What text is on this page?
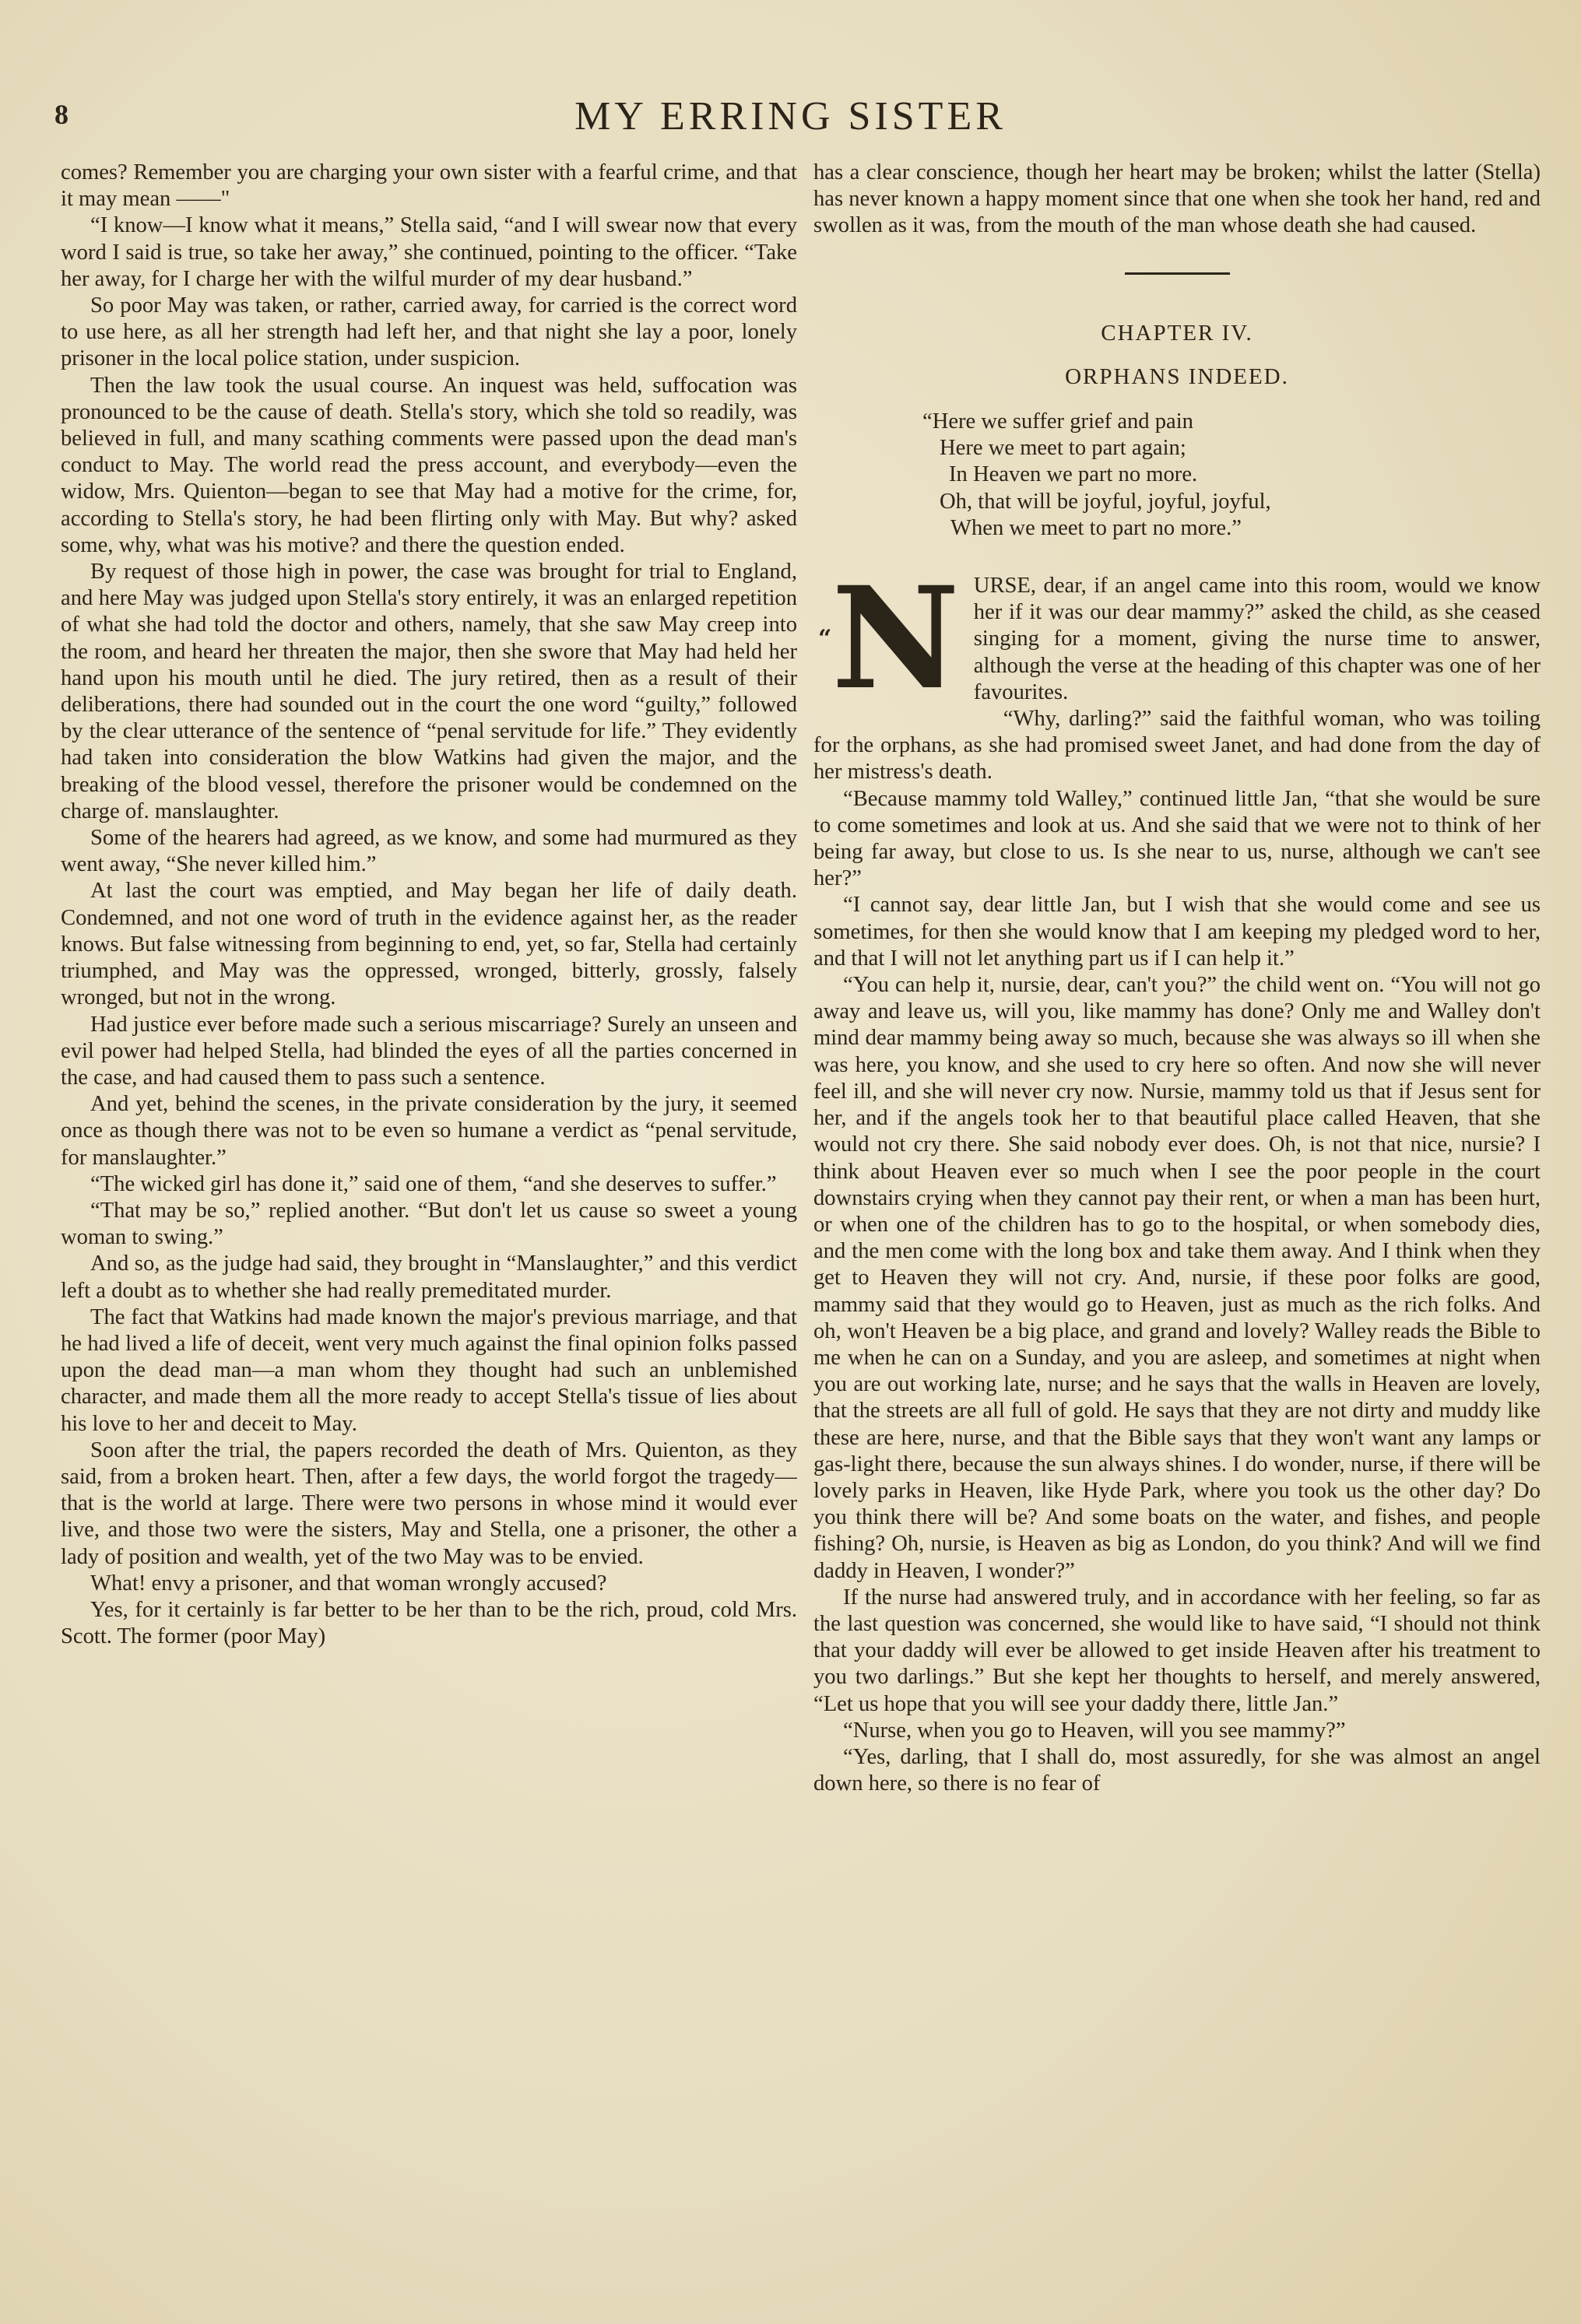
8	MY ERRING SISTER

comes? Remember you are charging your own sister with a fearful crime, and that it may mean ——"

“I know—I know what it means,” Stella said, “and I will swear now that every word I said is true, so take her away,” she continued, pointing to the officer. “Take her away, for I charge her with the wilful murder of my dear husband.”

So poor May was taken, or rather, carried away, for carried is the correct word to use here, as all her strength had left her, and that night she lay a poor, lonely prisoner in the local police station, under suspicion.

Then the law took the usual course. An inquest was held, suffocation was pronounced to be the cause of death. Stella's story, which she told so readily, was believed in full, and many scathing comments were passed upon the dead man's conduct to May. The world read the press account, and everybody—even the widow, Mrs. Quienton—began to see that May had a motive for the crime, for, according to Stella's story, he had been flirting only with May. But why? asked some, why, what was his motive? and there the question ended.

By request of those high in power, the case was brought for trial to England, and here May was judged upon Stella's story entirely, it was an enlarged repetition of what she had told the doctor and others, namely, that she saw May creep into the room, and heard her threaten the major, then she swore that May had held her hand upon his mouth until he died. The jury retired, then as a result of their deliberations, there had sounded out in the court the one word “guilty,” followed by the clear utterance of the sentence of “penal servitude for life.” They evidently had taken into consideration the blow Watkins had given the major, and the breaking of the blood vessel, therefore the prisoner would be condemned on the charge of. manslaughter.

Some of the hearers had agreed, as we know, and some had murmured as they went away, “She never killed him.”

At last the court was emptied, and May began her life of daily death. Condemned, and not one word of truth in the evidence against her, as the reader knows. But false witnessing from beginning to end, yet, so far, Stella had certainly triumphed, and May was the oppressed, wronged, bitterly, grossly, falsely wronged, but not in the wrong.

Had justice ever before made such a serious miscarriage? Surely an unseen and evil power had helped Stella, had blinded the eyes of all the parties concerned in the case, and had caused them to pass such a sentence.

And yet, behind the scenes, in the private consideration by the jury, it seemed once as though there was not to be even so humane a verdict as “penal servitude, for manslaughter.”

“The wicked girl has done it,” said one of them, “and she deserves to suffer.”

“That may be so,” replied another. “But don't let us cause so sweet a young woman to swing.”

And so, as the judge had said, they brought in “Manslaughter,” and this verdict left a doubt as to whether she had really premeditated murder.

The fact that Watkins had made known the major's previous marriage, and that he had lived a life of deceit, went very much against the final opinion folks passed upon the dead man—a man whom they thought had such an unblemished character, and made them all the more ready to accept Stella's tissue of lies about his love to her and deceit to May.

Soon after the trial, the papers recorded the death of Mrs. Quienton, as they said, from a broken heart. Then, after a few days, the world forgot the tragedy—that is the world at large. There were two persons in whose mind it would ever live, and those two were the sisters, May and Stella, one a prisoner, the other a lady of position and wealth, yet of the two May was to be envied.

What! envy a prisoner, and that woman wrongly accused?

Yes, for it certainly is far better to be her than to be the rich, proud, cold Mrs. Scott. The former (poor May)

has a clear conscience, though her heart may be broken; whilst the latter (Stella) has never known a happy moment since that one when she took her hand, red and swollen as it was, from the mouth of the man whose death she had caused.

CHAPTER IV.
ORPHANS INDEED.
“Here we suffer grief and pain
Here we meet to part again;
In Heaven we part no more.
Oh, that will be joyful, joyful, joyful,
When we meet to part no more.”
“N URSE, dear, if an angel came into this room, would we know her if it was our dear mammy?” asked the child, as she ceased singing for a moment, giving the nurse time to answer, although the verse at the heading of this chapter was one of her favourites.

“Why, darling?” said the faithful woman, who was toiling for the orphans, as she had promised sweet Janet, and had done from the day of her mistress's death.

“Because mammy told Walley,” continued little Jan, “that she would be sure to come sometimes and look at us. And she said that we were not to think of her being far away, but close to us. Is she near to us, nurse, although we can't see her?”

“I cannot say, dear little Jan, but I wish that she would come and see us sometimes, for then she would know that I am keeping my pledged word to her, and that I will not let anything part us if I can help it.”

“You can help it, nursie, dear, can't you?” the child went on. “You will not go away and leave us, will you, like mammy has done? Only me and Walley don't mind dear mammy being away so much, because she was always so ill when she was here, you know, and she used to cry here so often. And now she will never feel ill, and she will never cry now. Nursie, mammy told us that if Jesus sent for her, and if the angels took her to that beautiful place called Heaven, that she would not cry there. She said nobody ever does. Oh, is not that nice, nursie? I think about Heaven ever so much when I see the poor people in the court downstairs crying when they cannot pay their rent, or when a man has been hurt, or when one of the children has to go to the hospital, or when somebody dies, and the men come with the long box and take them away. And I think when they get to Heaven they will not cry. And, nursie, if these poor folks are good, mammy said that they would go to Heaven, just as much as the rich folks. And oh, won't Heaven be a big place, and grand and lovely? Walley reads the Bible to me when he can on a Sunday, and you are asleep, and sometimes at night when you are out working late, nurse; and he says that the walls in Heaven are lovely, that the streets are all full of gold. He says that they are not dirty and muddy like these are here, nurse, and that the Bible says that they won't want any lamps or gas-light there, because the sun always shines. I do wonder, nurse, if there will be lovely parks in Heaven, like Hyde Park, where you took us the other day? Do you think there will be? And some boats on the water, and fishes, and people fishing? Oh, nursie, is Heaven as big as London, do you think? And will we find daddy in Heaven, I wonder?”

If the nurse had answered truly, and in accordance with her feeling, so far as the last question was concerned, she would like to have said, “I should not think that your daddy will ever be allowed to get inside Heaven after his treatment to you two darlings.” But she kept her thoughts to herself, and merely answered, “Let us hope that you will see your daddy there, little Jan.”

“Nurse, when you go to Heaven, will you see mammy?”

“Yes, darling, that I shall do, most assuredly, for she was almost an angel down here, so there is no fear of
